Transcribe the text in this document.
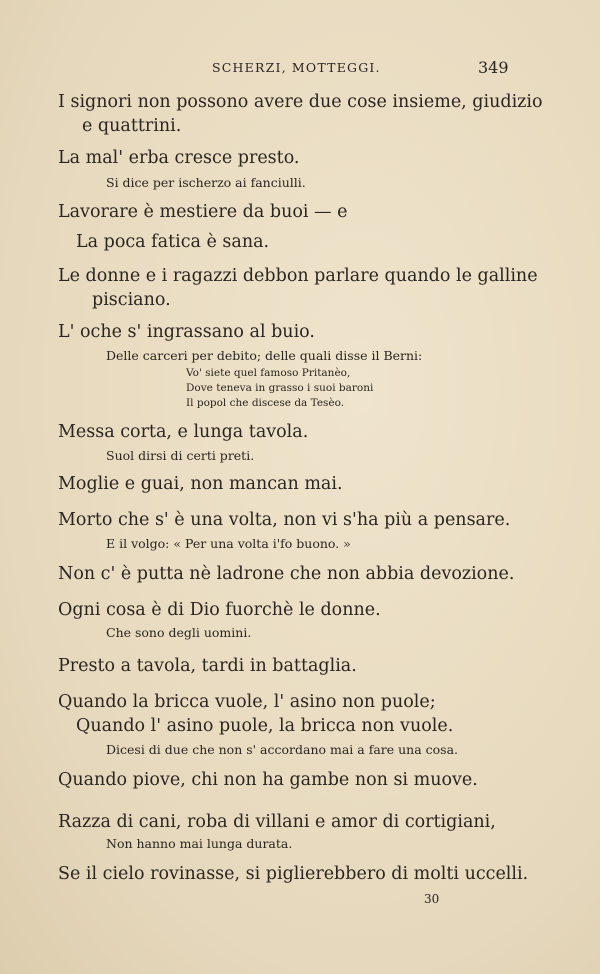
SCHERZI, MOTTEGGI.	349
I signori non possono avere due cose insieme, giudizio
e quattrini.
La mal' erba cresce presto.
Si dice per ischerzo ai fanciulli.
Lavorare è mestiere da buoi — e
La poca fatica è sana.
Le donne e i ragazzi debbon parlare quando le galline
pisciano.
L' oche s' ingrassano al buio.
Delle carceri per debito; delle quali disse il Berni:
Vo' siete quel famoso Pritanèo,
Dove teneva in grasso i suoi baroni
Il popol che discese da Tesèo.
Messa corta, e lunga tavola.
Suol dirsi di certi preti.
Moglie e guai, non mancan mai.
Morto che s' è una volta, non vi s'ha più a pensare.
E il volgo: « Per una volta i'fo buono. »
Non c' è putta nè ladrone che non abbia devozione.
Ogni cosa è di Dio fuorchè le donne.
Che sono degli uomini.
Presto a tavola, tardi in battaglia.
Quando la bricca vuole, l' asino non puole;
Quando l' asino puole, la bricca non vuole.
Dicesi di due che non s' accordano mai a fare una cosa.
Quando piove, chi non ha gambe non si muove.
Razza di cani, roba di villani e amor di cortigiani,
Non hanno mai lunga durata.
Se il cielo rovinasse, si piglierebbero di molti uccelli.
30
